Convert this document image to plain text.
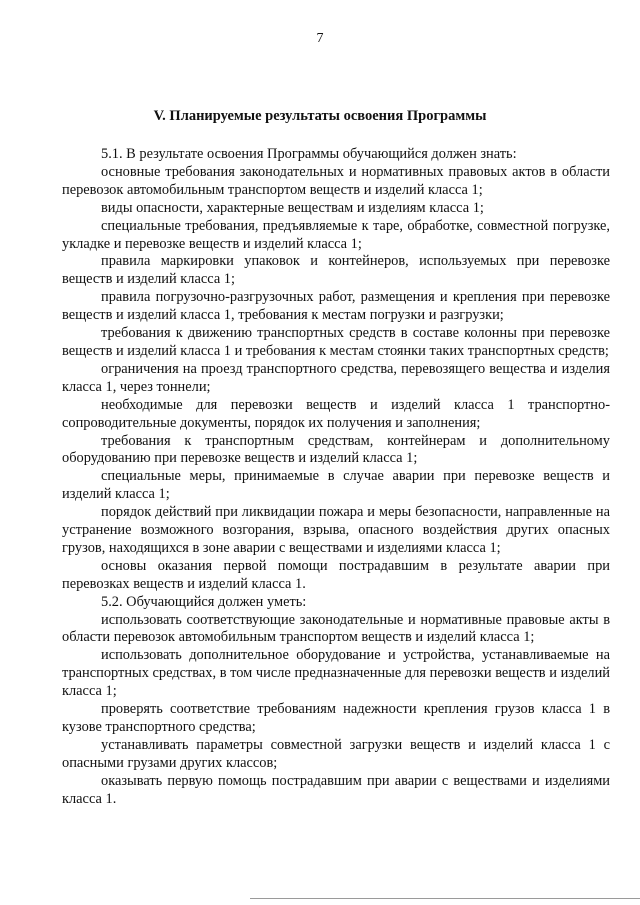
7
V. Планируемые результаты освоения Программы

5.1. В результате освоения Программы обучающийся должен знать:

основные требования законодательных и нормативных правовых актов в области перевозок автомобильным транспортом веществ и изделий класса 1;

виды опасности, характерные веществам и изделиям класса 1;

специальные требования, предъявляемые к таре, обработке, совместной погрузке, укладке и перевозке веществ и изделий класса 1;

правила маркировки упаковок и контейнеров, используемых при перевозке веществ и изделий класса 1;

правила погрузочно-разгрузочных работ, размещения и крепления при перевозке веществ и изделий класса 1, требования к местам погрузки и разгрузки;

требования к движению транспортных средств в составе колонны при перевозке веществ и изделий класса 1 и требования к местам стоянки таких транспортных средств;

ограничения на проезд транспортного средства, перевозящего вещества и изделия класса 1, через тоннели;

необходимые для перевозки веществ и изделий класса 1 транспортно-сопроводительные документы, порядок их получения и заполнения;

требования к транспортным средствам, контейнерам и дополнительному оборудованию при перевозке веществ и изделий класса 1;

специальные меры, принимаемые в случае аварии при перевозке веществ и изделий класса 1;

порядок действий при ликвидации пожара и меры безопасности, направленные на устранение возможного возгорания, взрыва, опасного воздействия других опасных грузов, находящихся в зоне аварии с веществами и изделиями класса 1;

основы оказания первой помощи пострадавшим в результате аварии при перевозках веществ и изделий класса 1.

5.2. Обучающийся должен уметь:

использовать соответствующие законодательные и нормативные правовые акты в области перевозок автомобильным транспортом веществ и изделий класса 1;

использовать дополнительное оборудование и устройства, устанавливаемые на транспортных средствах, в том числе предназначенные для перевозки веществ и изделий класса 1;

проверять соответствие требованиям надежности крепления грузов класса 1 в кузове транспортного средства;

устанавливать параметры совместной загрузки веществ и изделий класса 1 с опасными грузами других классов;

оказывать первую помощь пострадавшим при аварии с веществами и изделиями класса 1.
